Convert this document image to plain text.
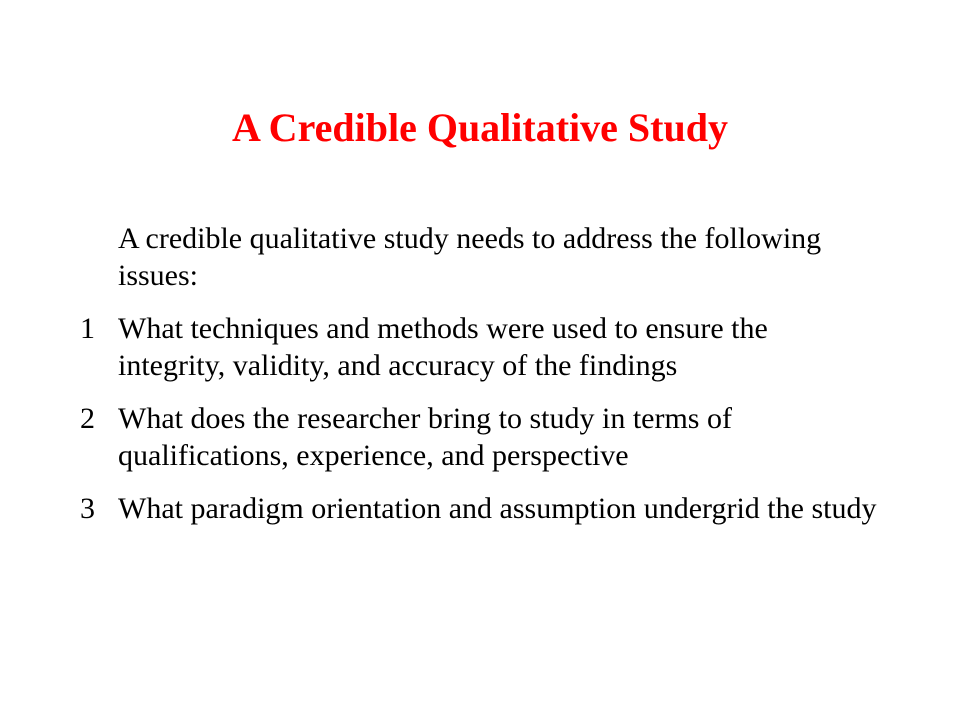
A Credible Qualitative Study
A credible qualitative study needs to address the following issues:
1 What techniques and methods were used to ensure the integrity, validity, and accuracy of the findings
2 What does the researcher bring to study in terms of qualifications, experience, and perspective
3 What paradigm orientation and assumption undergrid the study
